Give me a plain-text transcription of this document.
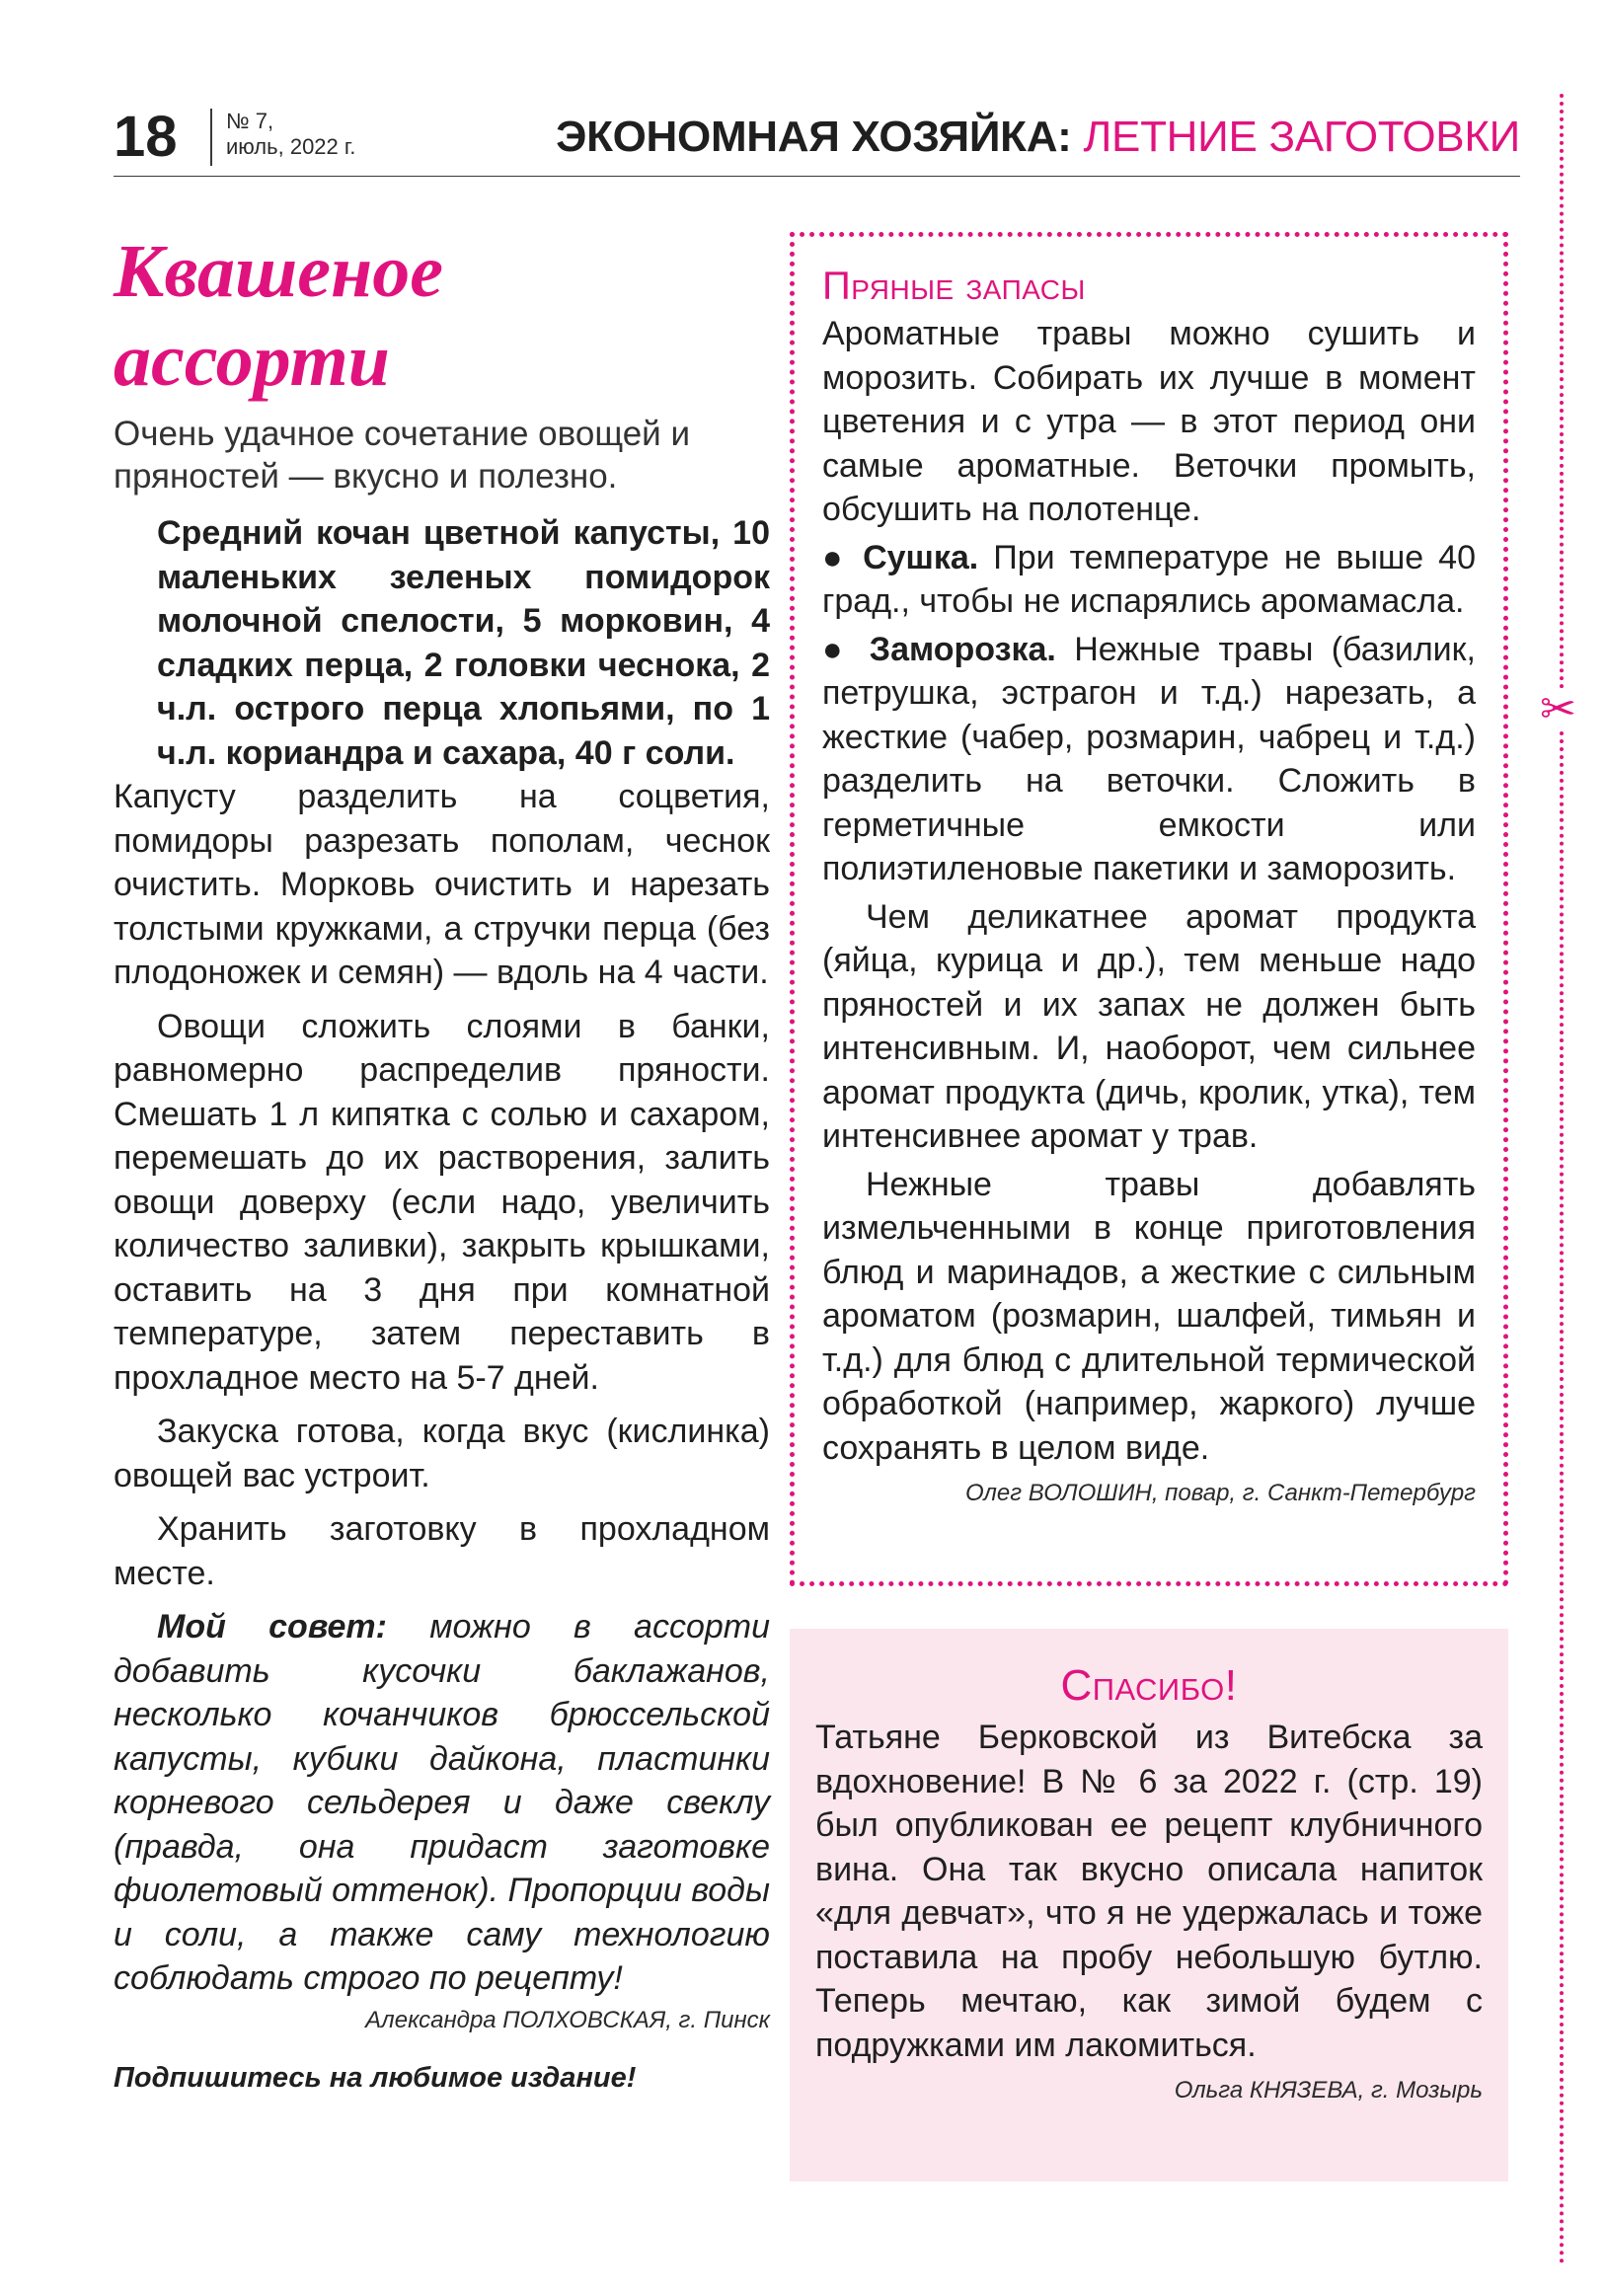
18 № 7,
июль, 2022 г.	ЭКОНОМНАЯ ХОЗЯЙКА: ЛЕТНИЕ ЗАГОТОВКИ
✂
Квашеное
ассорти
Очень удачное сочетание овощей и пряностей — вкусно и полезно.
Средний кочан цветной капусты, 10 маленьких зеленых помидорок молочной спелости, 5 морковин, 4 сладких перца, 2 головки чеснока, 2 ч.л. острого перца хлопьями, по 1 ч.л. кориандра и сахара, 40 г соли.

Капусту разделить на соцветия, помидоры разрезать пополам, чеснок очистить. Морковь очистить и нарезать толстыми кружками, а стручки перца (без плодоножек и семян) — вдоль на 4 части.

Овощи сложить слоями в банки, равномерно распределив пряности. Смешать 1 л кипятка с солью и сахаром, перемешать до их растворения, залить овощи доверху (если надо, увеличить количество заливки), закрыть крышками, оставить на 3 дня при комнатной температуре, затем переставить в прохладное место на 5-7 дней.

Закуска готова, когда вкус (кислинка) овощей вас устроит.

Хранить заготовку в прохладном месте.

Мой совет: можно в ассорти добавить кусочки баклажанов, несколько кочанчиков брюссельской капусты, кубики дайкона, пластинки корневого сельдерея и даже свеклу (правда, она придаст заготовке фиолетовый оттенок). Пропорции воды и соли, а также саму технологию соблюдать строго по рецепту!
Александра ПОЛХОВСКАЯ, г. Пинск
Подпишитесь на любимое издание!
Пряные запасы

Ароматные травы можно сушить и морозить. Собирать их лучше в момент цветения и с утра — в этот период они самые ароматные. Веточки промыть, обсушить на полотенце.

● Сушка. При температуре не выше 40 град., чтобы не испарялись аромамасла.

● Заморозка. Нежные травы (базилик, петрушка, эстрагон и т.д.) нарезать, а жесткие (чабер, розмарин, чабрец и т.д.) разделить на веточки. Сложить в герметичные емкости или полиэтиленовые пакетики и заморозить.

Чем деликатнее аромат продукта (яйца, курица и др.), тем меньше надо пряностей и их запах не должен быть интенсивным. И, наоборот, чем сильнее аромат продукта (дичь, кролик, утка), тем интенсивнее аромат у трав.

Нежные травы добавлять измельченными в конце приготовления блюд и маринадов, а жесткие с сильным ароматом (розмарин, шалфей, тимьян и т.д.) для блюд с длительной термической обработкой (например, жаркого) лучше сохранять в целом виде.

Олег ВОЛОШИН, повар, г. Санкт-Петербург
Спасибо!

Татьяне Берковской из Витебска за вдохновение! В № 6 за 2022 г. (стр. 19) был опубликован ее рецепт клубничного вина. Она так вкусно описала напиток «для девчат», что я не удержалась и тоже поставила на пробу небольшую бутлю. Теперь мечтаю, как зимой будем с подружками им лакомиться.

Ольга КНЯЗЕВА, г. Мозырь
